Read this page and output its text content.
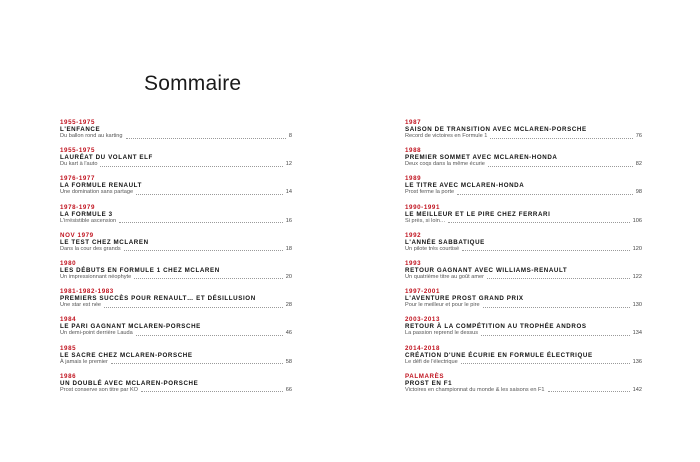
Sommaire
1955-1975
L'ENFANCE
Du ballon rond au karting	8
1955-1975
LAURÉAT DU VOLANT ELF
Du kart à l'auto	12
1976-1977
LA FORMULE RENAULT
Une domination sans partage	14
1978-1979
LA FORMULE 3
L'irrésistible ascension	16
NOV 1979
LE TEST CHEZ MCLAREN
Dans la cour des grands	18
1980
LES DÉBUTS EN FORMULE 1 CHEZ MCLAREN
Un impressionnant néophyte	20
1981-1982-1983
PREMIERS SUCCÈS POUR RENAULT… ET DÉSILLUSION
Une star est née	28
1984
LE PARI GAGNANT MCLAREN-PORSCHE
Un demi-point derrière Lauda	46
1985
LE SACRE CHEZ MCLAREN-PORSCHE
À jamais le premier	58
1986
UN DOUBLÉ AVEC MCLAREN-PORSCHE
Prost conserve son titre par KO	66
1987
SAISON DE TRANSITION AVEC MCLAREN-PORSCHE
Record de victoires en Formule 1	76
1988
PREMIER SOMMET AVEC MCLAREN-HONDA
Deux coqs dans la même écurie	82
1989
LE TITRE AVEC MCLAREN-HONDA
Prost ferme la porte	98
1990-1991
LE MEILLEUR ET LE PIRE CHEZ FERRARI
Si près, si loin…	106
1992
L'ANNÉE SABBATIQUE
Un pilote très courtisé	120
1993
RETOUR GAGNANT AVEC WILLIAMS-RENAULT
Un quatrième titre au goût amer	122
1997-2001
L'AVENTURE PROST GRAND PRIX
Pour le meilleur et pour le pire	130
2003-2013
RETOUR À LA COMPÉTITION AU TROPHÉE ANDROS
La passion reprend le dessus	134
2014-2018
CRÉATION D'UNE ÉCURIE EN FORMULE ÉLECTRIQUE
Le défi de l'électrique	136
PALMARÈS
PROST EN F1
Victoires en championnat du monde & les saisons en F1	142
